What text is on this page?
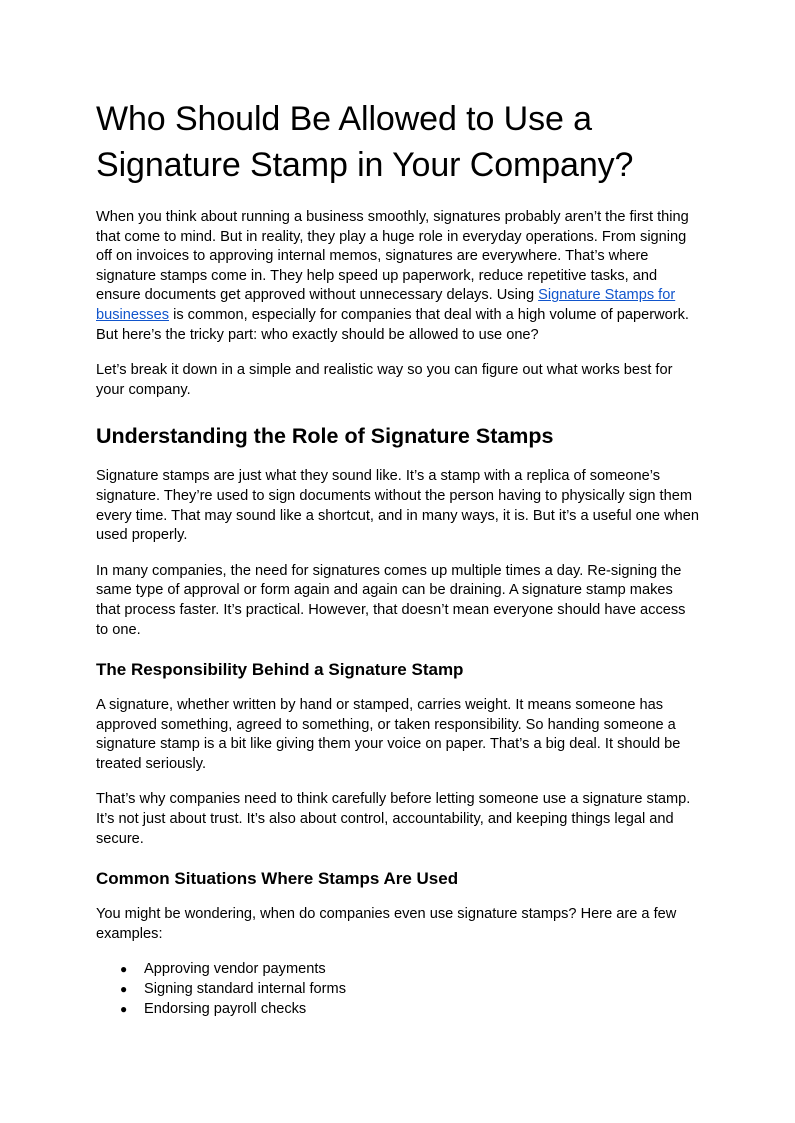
Who Should Be Allowed to Use a Signature Stamp in Your Company?

When you think about running a business smoothly, signatures probably aren’t the first thing that come to mind. But in reality, they play a huge role in everyday operations. From signing off on invoices to approving internal memos, signatures are everywhere. That’s where signature stamps come in. They help speed up paperwork, reduce repetitive tasks, and ensure documents get approved without unnecessary delays. Using Signature Stamps for businesses is common, especially for companies that deal with a high volume of paperwork. But here’s the tricky part: who exactly should be allowed to use one?

Let’s break it down in a simple and realistic way so you can figure out what works best for your company.

Understanding the Role of Signature Stamps

Signature stamps are just what they sound like. It’s a stamp with a replica of someone’s signature. They’re used to sign documents without the person having to physically sign them every time. That may sound like a shortcut, and in many ways, it is. But it’s a useful one when used properly.

In many companies, the need for signatures comes up multiple times a day. Re-signing the same type of approval or form again and again can be draining. A signature stamp makes that process faster. It’s practical. However, that doesn’t mean everyone should have access to one.

The Responsibility Behind a Signature Stamp

A signature, whether written by hand or stamped, carries weight. It means someone has approved something, agreed to something, or taken responsibility. So handing someone a signature stamp is a bit like giving them your voice on paper. That’s a big deal. It should be treated seriously.

That’s why companies need to think carefully before letting someone use a signature stamp. It’s not just about trust. It’s also about control, accountability, and keeping things legal and secure.

Common Situations Where Stamps Are Used

You might be wondering, when do companies even use signature stamps? Here are a few examples:

● Approving vendor payments
● Signing standard internal forms
● Endorsing payroll checks
